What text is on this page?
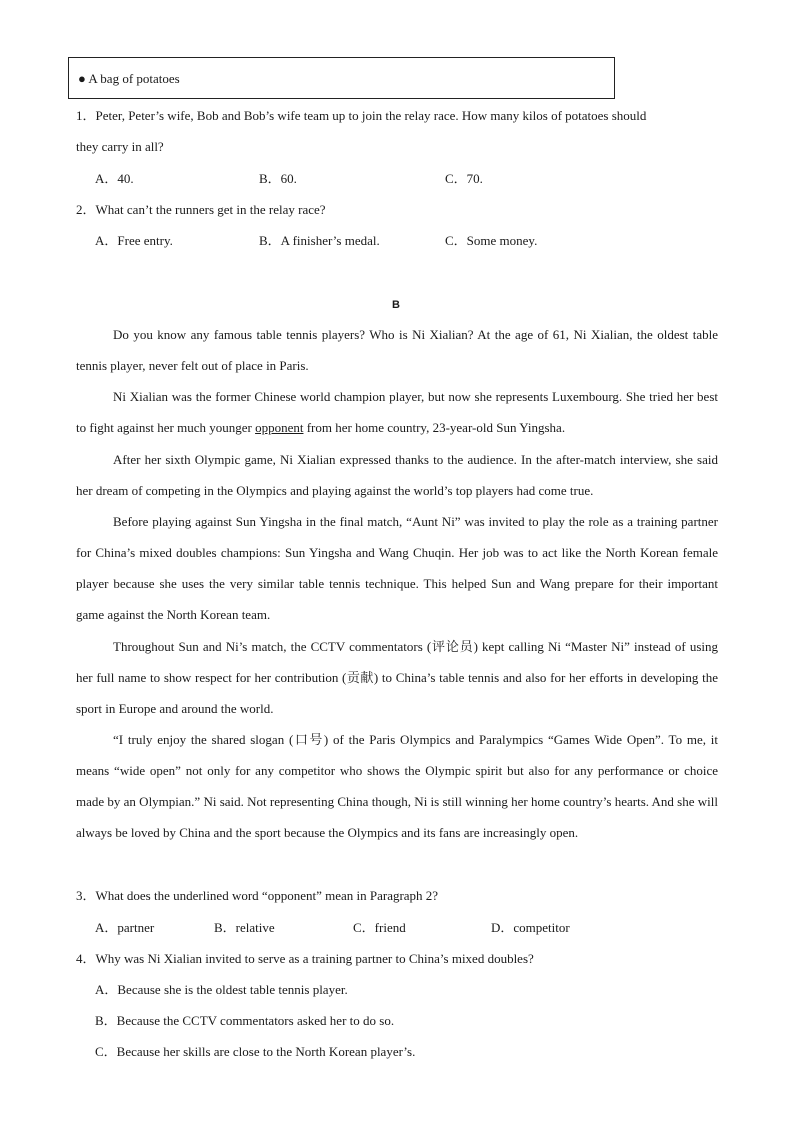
● A bag of potatoes
1．Peter, Peter’s wife, Bob and Bob’s wife team up to join the relay race. How many kilos of potatoes should
they carry in all?
A．40.	B．60.	C．70.
2．What can’t the runners get in the relay race?
A．Free entry.	B．A finisher’s medal.	C．Some money.
B
Do you know any famous table tennis players? Who is Ni Xialian? At the age of 61, Ni Xialian, the oldest table tennis player, never felt out of place in Paris.
Ni Xialian was the former Chinese world champion player, but now she represents Luxembourg. She tried her best to fight against her much younger opponent from her home country, 23-year-old Sun Yingsha.
After her sixth Olympic game, Ni Xialian expressed thanks to the audience. In the after-match interview, she said her dream of competing in the Olympics and playing against the world’s top players had come true.
Before playing against Sun Yingsha in the final match, “Aunt Ni” was invited to play the role as a training partner for China’s mixed doubles champions: Sun Yingsha and Wang Chuqin. Her job was to act like the North Korean female player because she uses the very similar table tennis technique. This helped Sun and Wang prepare for their important game against the North Korean team.
Throughout Sun and Ni’s match, the CCTV commentators (评论员) kept calling Ni “Master Ni” instead of using her full name to show respect for her contribution (贡献) to China’s table tennis and also for her efforts in developing the sport in Europe and around the world.
“I truly enjoy the shared slogan (口号) of the Paris Olympics and Paralympics “Games Wide Open”. To me, it means “wide open” not only for any competitor who shows the Olympic spirit but also for any performance or choice made by an Olympian.” Ni said. Not representing China though, Ni is still winning her home country’s hearts. And she will always be loved by China and the sport because the Olympics and its fans are increasingly open.
3．What does the underlined word “opponent” mean in Paragraph 2?
A．partner	B．relative	C．friend	D．competitor
4．Why was Ni Xialian invited to serve as a training partner to China’s mixed doubles?
A．Because she is the oldest table tennis player.
B．Because the CCTV commentators asked her to do so.
C．Because her skills are close to the North Korean player’s.
